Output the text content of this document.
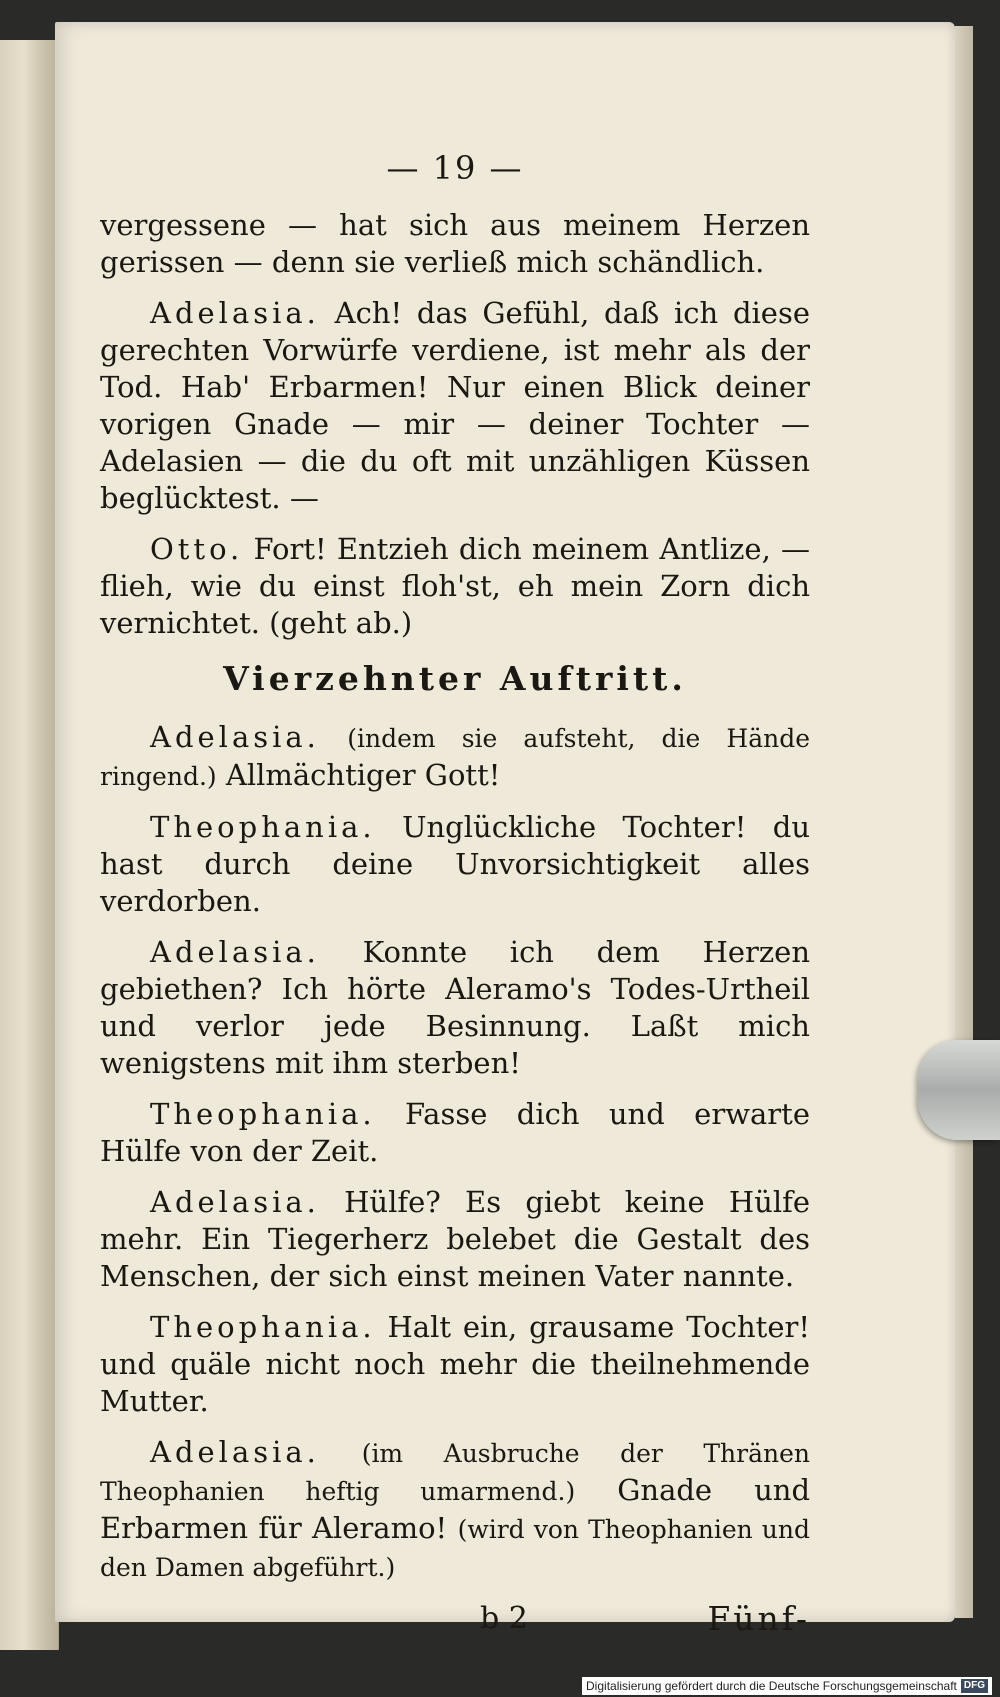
— 19 —

vergessene — hat sich aus meinem Herzen gerissen — denn sie verließ mich schändlich.

Adelasia. Ach! das Gefühl, daß ich diese gerechten Vorwürfe verdiene, ist mehr als der Tod. Hab' Erbarmen! Nur einen Blick deiner vorigen Gnade — mir — deiner Tochter — Adelasien — die du oft mit unzähligen Küssen beglücktest. —

Otto. Fort! Entzieh dich meinem Antlize, — flieh, wie du einst floh'st, eh mein Zorn dich vernichtet. (geht ab.)

Vierzehnter Auftritt.

Adelasia. (indem sie aufsteht, die Hände ringend.) Allmächtiger Gott!

Theophania. Unglückliche Tochter! du hast durch deine Unvorsichtigkeit alles verdorben.

Adelasia. Konnte ich dem Herzen gebiethen? Ich hörte Aleramo's Todes-Urtheil und verlor jede Besinnung. Laßt mich wenigstens mit ihm sterben!

Theophania. Fasse dich und erwarte Hülfe von der Zeit.

Adelasia. Hülfe? Es giebt keine Hülfe mehr. Ein Tiegerherz belebet die Gestalt des Menschen, der sich einst meinen Vater nannte.

Theophania. Halt ein, grausame Tochter! und quäle nicht noch mehr die theilnehmende Mutter.

Adelasia. (im Ausbruche der Thränen Theophanien heftig umarmend.) Gnade und Erbarmen für Aleramo! (wird von Theophanien und den Damen abgeführt.)

b 2	Fünf-
Digitalisierung gefördert durch die Deutsche Forschungsgemeinschaft DFG
